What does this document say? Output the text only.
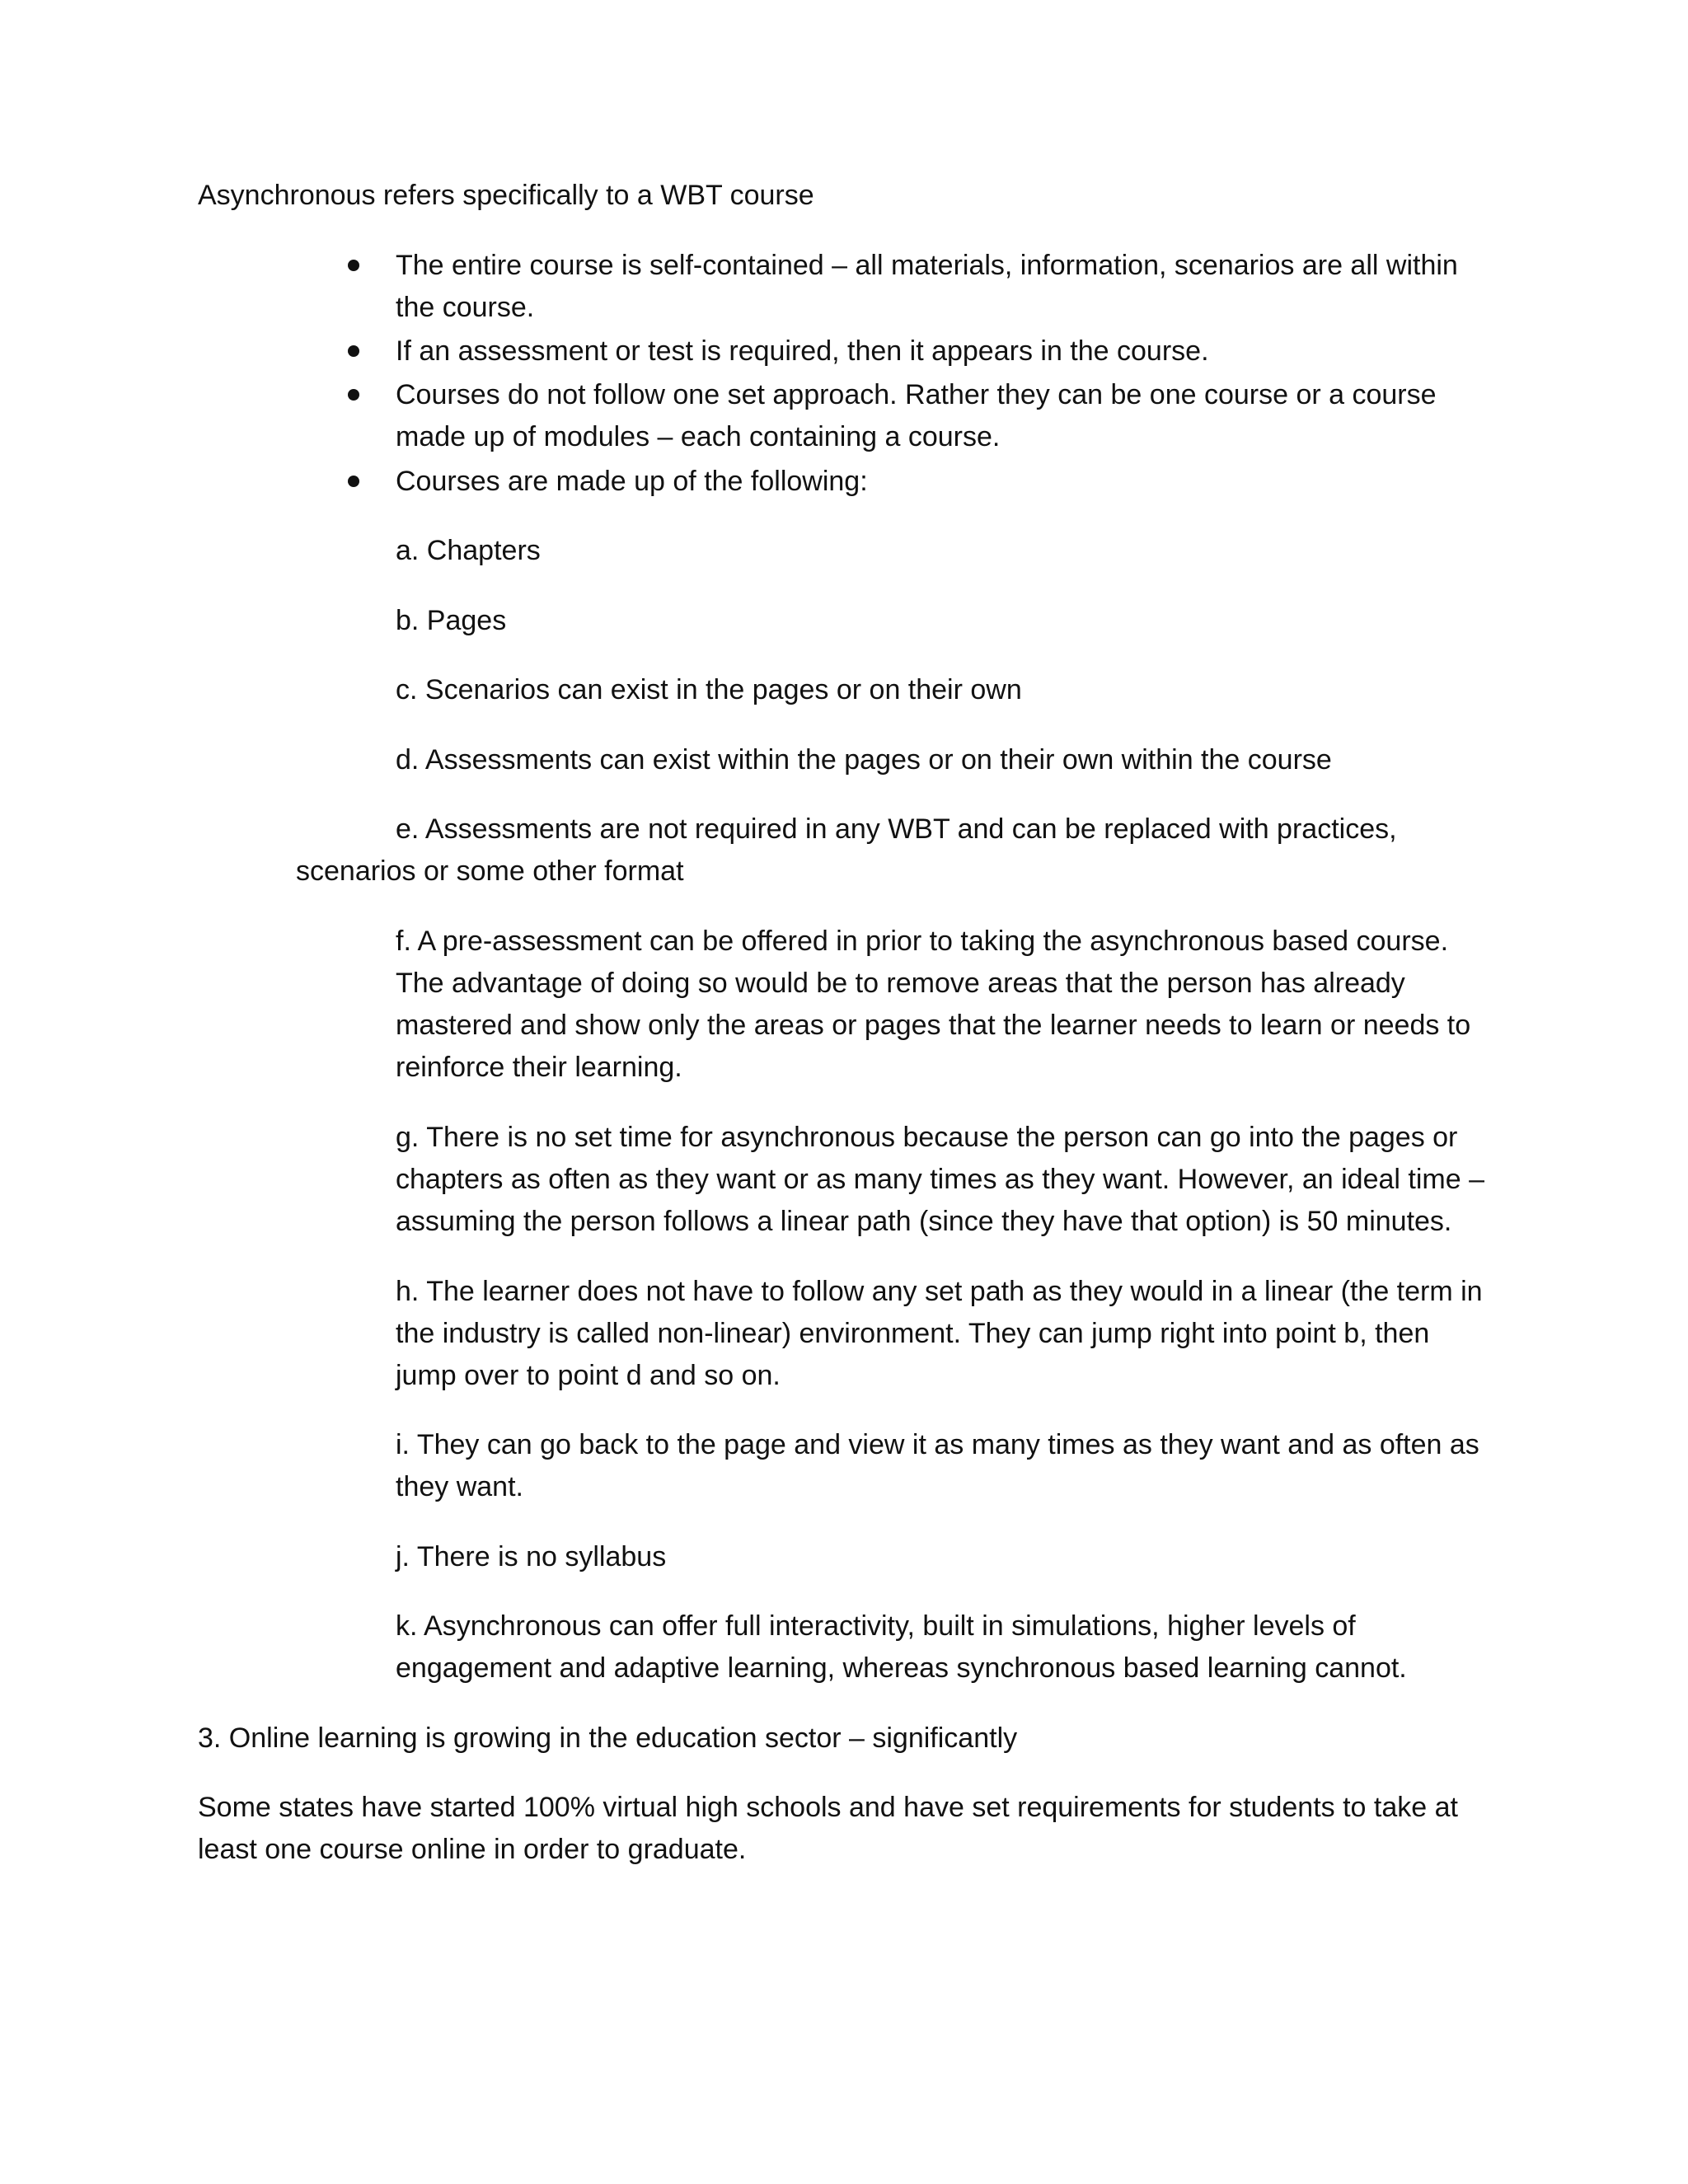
Asynchronous refers specifically to a WBT course
The entire course is self-contained – all materials, information, scenarios are all within the course.
If an assessment or test is required, then it appears in the course.
Courses do not follow one set approach. Rather they can be one course or a course made up of modules – each containing a course.
Courses are made up of the following:
a. Chapters
b. Pages
c. Scenarios can exist in the pages or on their own
d. Assessments can exist within the pages or on their own within the course
e. Assessments are not required in any WBT and can be replaced with practices,
scenarios or some other format
f. A pre-assessment can be offered in prior to taking the asynchronous based course. The advantage of doing so would be to remove areas that the person has already mastered and show only the areas or pages that the learner needs to learn or needs to reinforce their learning.
g. There is no set time for asynchronous because the person can go into the pages or chapters as often as they want or as many times as they want. However, an ideal time – assuming the person follows a linear path (since they have that option) is 50 minutes.
h. The learner does not have to follow any set path as they would in a linear (the term in the industry is called non-linear) environment. They can jump right into point b, then jump over to point d and so on.
i. They can go back to the page and view it as many times as they want and as often as they want.
j. There is no syllabus
k. Asynchronous can offer full interactivity, built in simulations, higher levels of engagement and adaptive learning, whereas synchronous based learning cannot.
3. Online learning is growing in the education sector – significantly
Some states have started 100% virtual high schools and have set requirements for students to take at least one course online in order to graduate.
